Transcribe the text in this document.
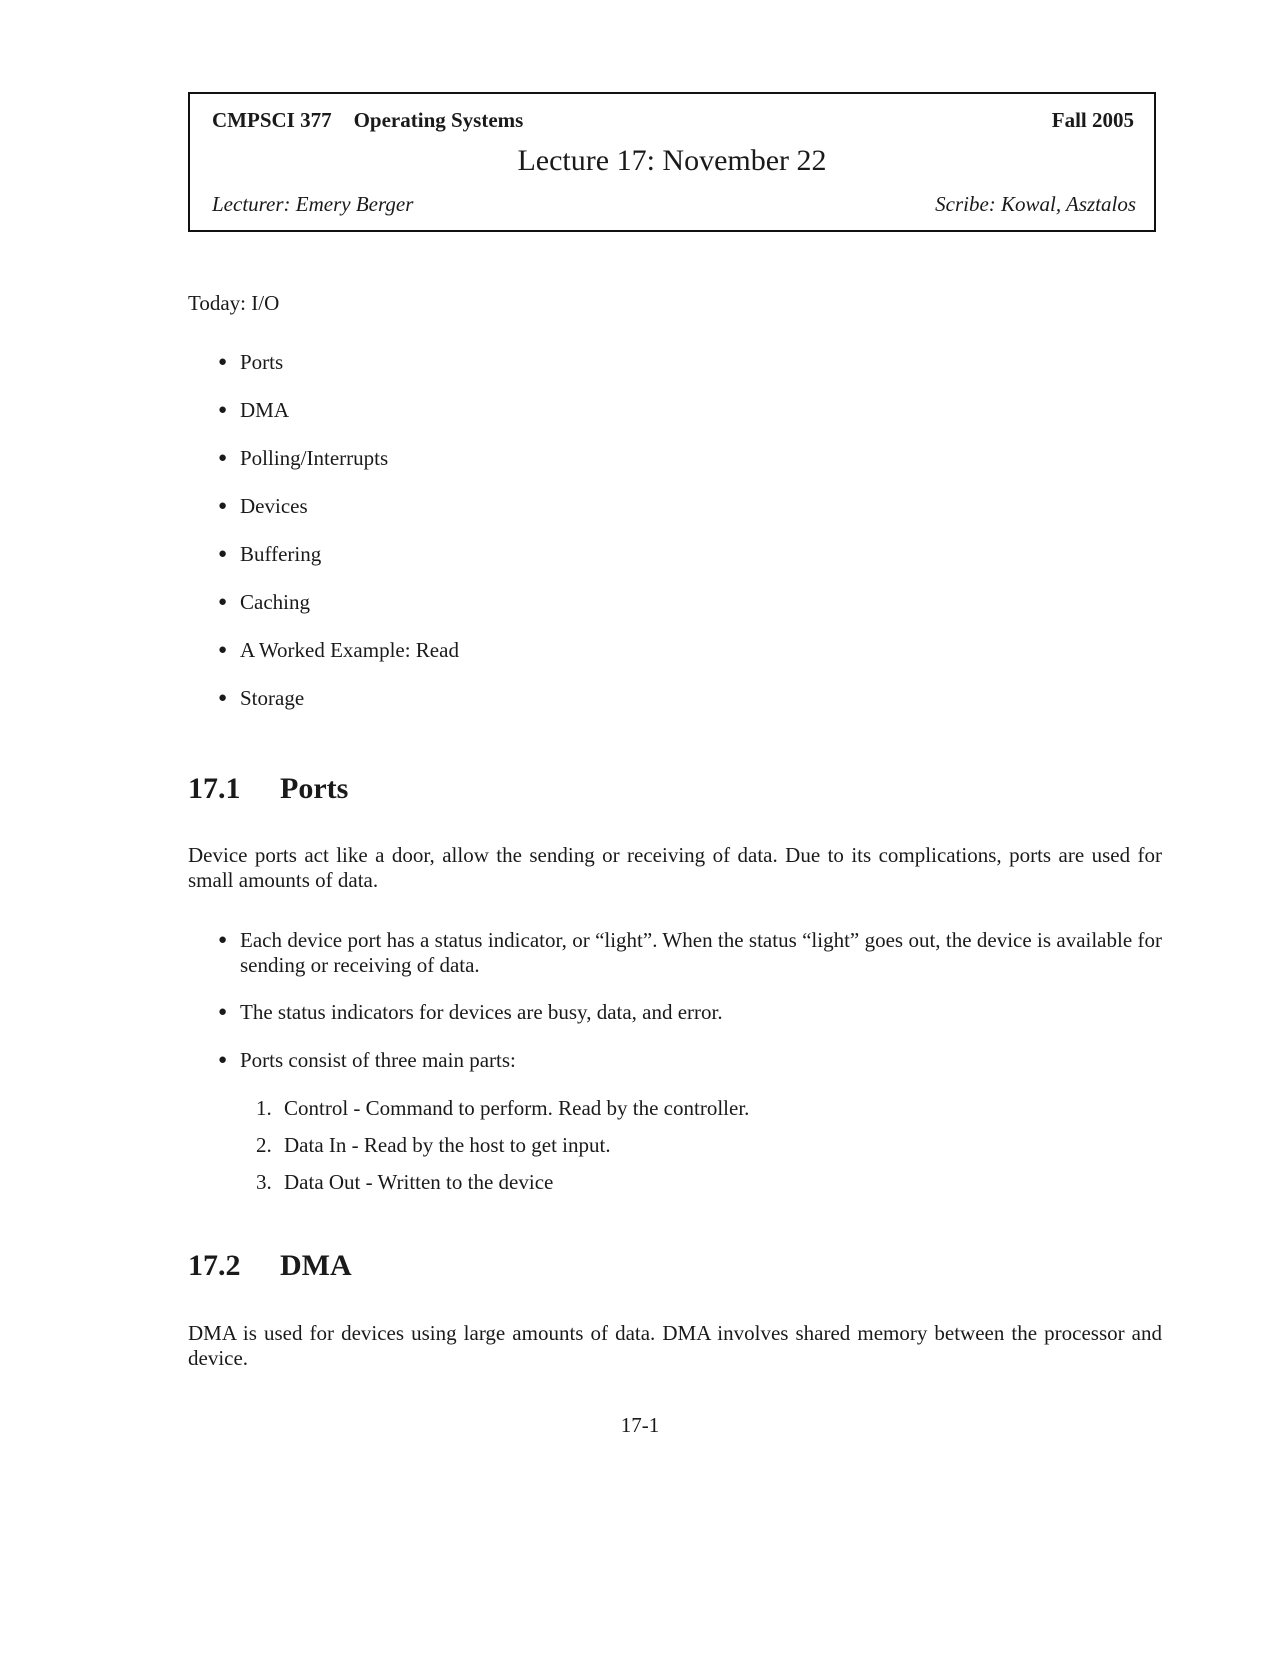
CMPSCI 377 Operating Systems	Fall 2005
Lecture 17: November 22
Lecturer: Emery Berger	Scribe: Kowal, Asztalos
Today: I/O
● Ports
● DMA
● Polling/Interrupts
● Devices
● Buffering
● Caching
● A Worked Example: Read
● Storage
17.1 Ports
Device ports act like a door, allow the sending or receiving of data. Due to its complications, ports are used for small amounts of data.
● Each device port has a status indicator, or “light”. When the status “light” goes out, the device is available for sending or receiving of data.
● The status indicators for devices are busy, data, and error.
● Ports consist of three main parts:
1. Control - Command to perform. Read by the controller.
2. Data In - Read by the host to get input.
3. Data Out - Written to the device
17.2 DMA
DMA is used for devices using large amounts of data. DMA involves shared memory between the processor and device.
17-1
